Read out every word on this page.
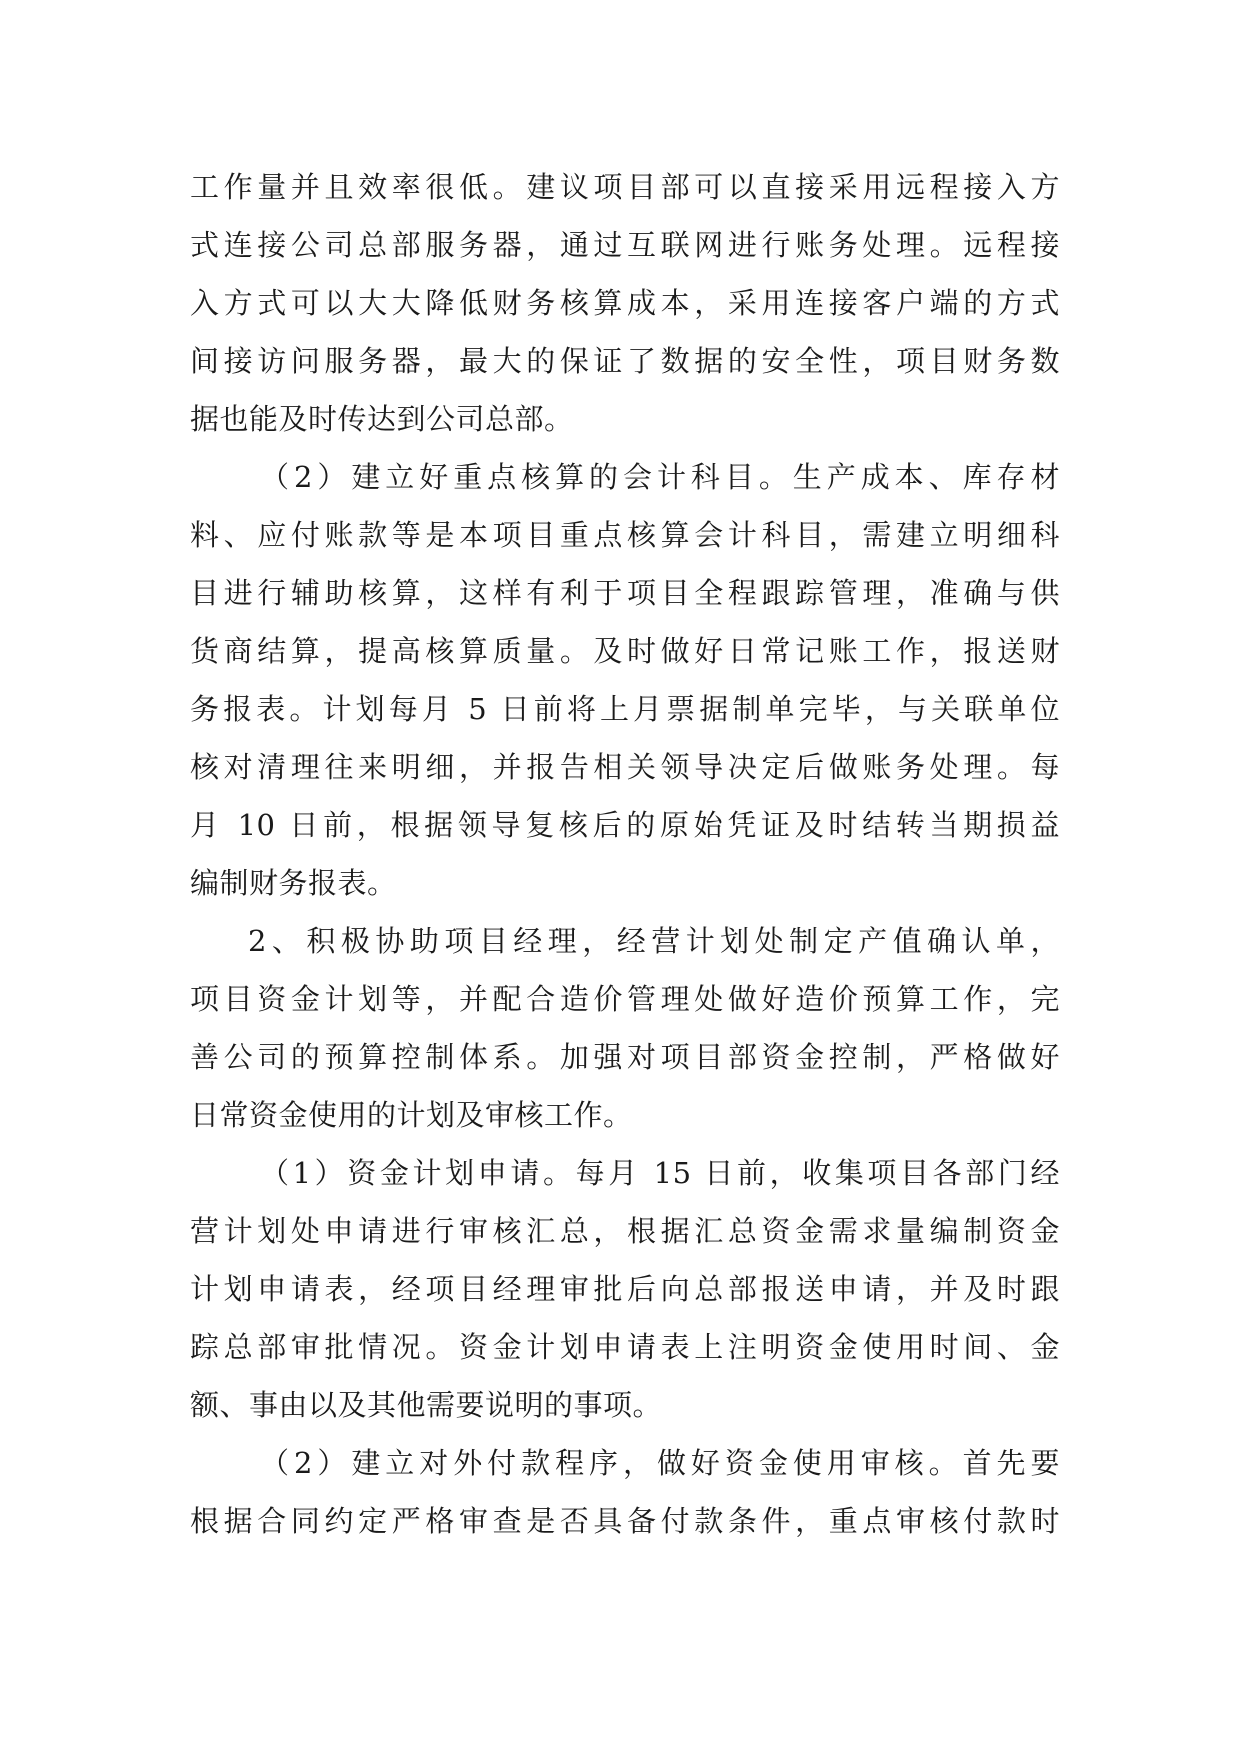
工作量并且效率很低。建议项目部可以直接采用远程接入方
式连接公司总部服务器，通过互联网进行账务处理。远程接
入方式可以大大降低财务核算成本，采用连接客户端的方式
间接访问服务器，最大的保证了数据的安全性，项目财务数
据也能及时传达到公司总部。
（2）建立好重点核算的会计科目。生产成本、库存材
料、应付账款等是本项目重点核算会计科目，需建立明细科
目进行辅助核算，这样有利于项目全程跟踪管理，准确与供
货商结算，提高核算质量。及时做好日常记账工作，报送财
务报表。计划每月 5 日前将上月票据制单完毕，与关联单位
核对清理往来明细，并报告相关领导决定后做账务处理。每
月 10 日前，根据领导复核后的原始凭证及时结转当期损益
编制财务报表。
2、积极协助项目经理，经营计划处制定产值确认单，
项目资金计划等，并配合造价管理处做好造价预算工作，完
善公司的预算控制体系。加强对项目部资金控制，严格做好
日常资金使用的计划及审核工作。
（1）资金计划申请。每月 15 日前，收集项目各部门经
营计划处申请进行审核汇总，根据汇总资金需求量编制资金
计划申请表，经项目经理审批后向总部报送申请，并及时跟
踪总部审批情况。资金计划申请表上注明资金使用时间、金
额、事由以及其他需要说明的事项。
（2）建立对外付款程序，做好资金使用审核。首先要
根据合同约定严格审查是否具备付款条件，重点审核付款时
